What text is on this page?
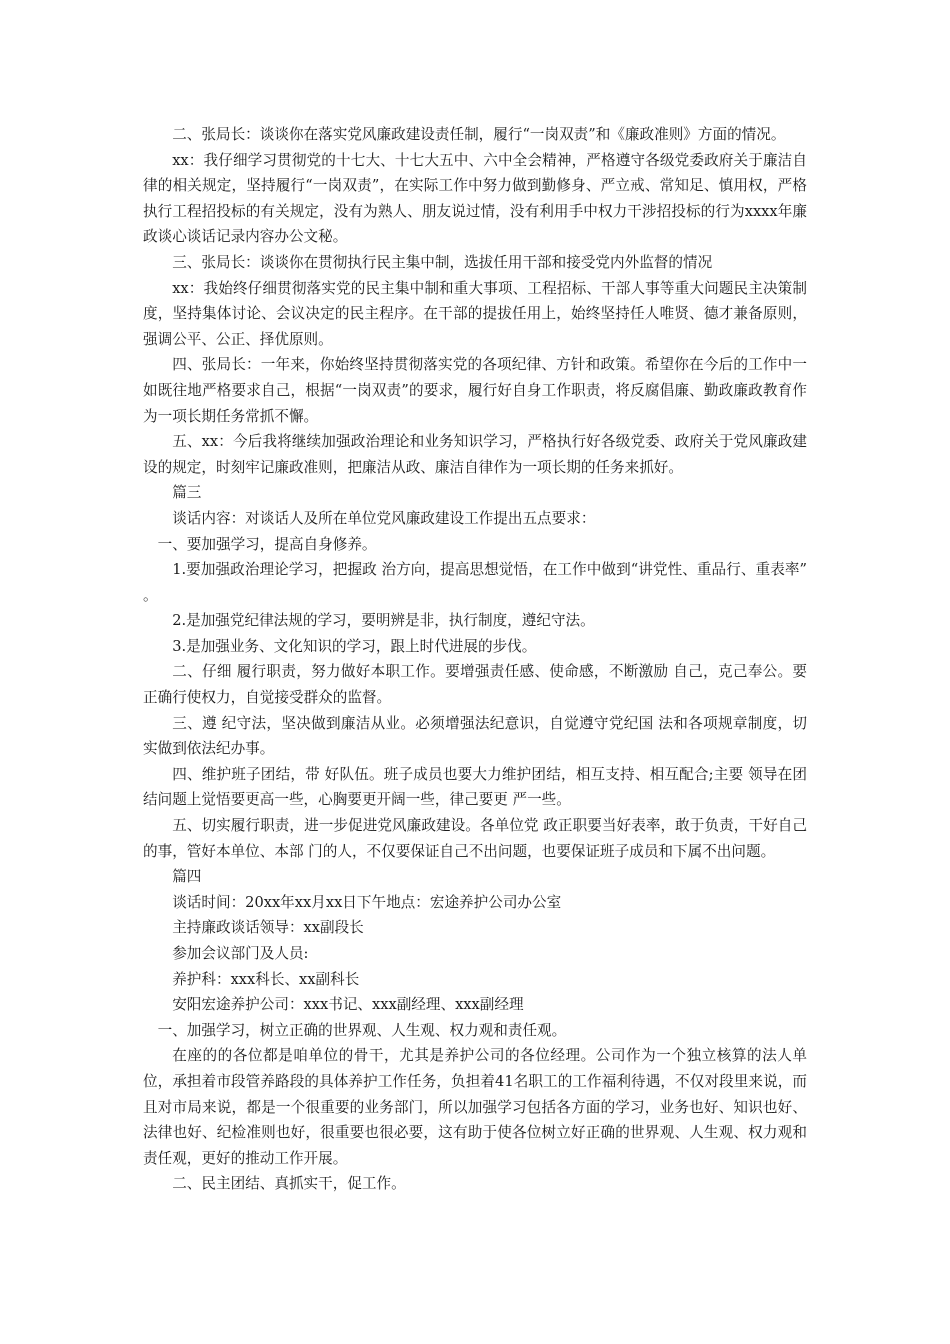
二、张局长：谈谈你在落实党风廉政建设责任制，履行“一岗双责”和《廉政准则》方面的情况。

xx：我仔细学习贯彻党的十七大、十七大五中、六中全会精神，严格遵守各级党委政府关于廉洁自律的相关规定，坚持履行“一岗双责”，在实际工作中努力做到勤修身、严立戒、常知足、慎用权，严格执行工程招投标的有关规定，没有为熟人、朋友说过情，没有利用手中权力干涉招投标的行为xxxx年廉政谈心谈话记录内容办公文秘。

三、张局长：谈谈你在贯彻执行民主集中制，选拔任用干部和接受党内外监督的情况

xx：我始终仔细贯彻落实党的民主集中制和重大事项、工程招标、干部人事等重大问题民主决策制度，坚持集体讨论、会议决定的民主程序。在干部的提拔任用上，始终坚持任人唯贤、德才兼备原则，强调公平、公正、择优原则。

四、张局长：一年来，你始终坚持贯彻落实党的各项纪律、方针和政策。希望你在今后的工作中一如既往地严格要求自己，根据“一岗双责”的要求，履行好自身工作职责，将反腐倡廉、勤政廉政教育作为一项长期任务常抓不懈。

五、xx：今后我将继续加强政治理论和业务知识学习，严格执行好各级党委、政府关于党风廉政建设的规定，时刻牢记廉政准则，把廉洁从政、廉洁自律作为一项长期的任务来抓好。

篇三

谈话内容：对谈话人及所在单位党风廉政建设工作提出五点要求：

一、要加强学习，提高自身修养。

1.要加强政治理论学习，把握政 治方向，提高思想觉悟，在工作中做到“讲党性、重品行、重表率” 。

2.是加强党纪律法规的学习，要明辨是非，执行制度，遵纪守法。

3.是加强业务、文化知识的学习，跟上时代进展的步伐。

二、仔细 履行职责，努力做好本职工作。要增强责任感、使命感，不断激励 自己，克己奉公。要正确行使权力，自觉接受群众的监督。

三、遵 纪守法，坚决做到廉洁从业。必须增强法纪意识，自觉遵守党纪国 法和各项规章制度，切实做到依法纪办事。

四、维护班子团结，带 好队伍。班子成员也要大力维护团结，相互支持、相互配合;主要 领导在团结问题上觉悟要更高一些，心胸要更开阔一些，律己要更 严一些。

五、切实履行职责，进一步促进党风廉政建设。各单位党 政正职要当好表率，敢于负责，干好自己的事，管好本单位、本部 门的人，不仅要保证自己不出问题，也要保证班子成员和下属不出问题。

篇四

谈话时间：20xx年xx月xx日下午地点：宏途养护公司办公室

主持廉政谈话领导：xx副段长

参加会议部门及人员:

养护科：xxx科长、xx副科长

安阳宏途养护公司：xxx书记、xxx副经理、xxx副经理

一、加强学习，树立正确的世界观、人生观、权力观和责任观。

在座的的各位都是咱单位的骨干，尤其是养护公司的各位经理。公司作为一个独立核算的法人单位，承担着市段管养路段的具体养护工作任务，负担着41名职工的工作福利待遇，不仅对段里来说，而且对市局来说，都是一个很重要的业务部门，所以加强学习包括各方面的学习，业务也好、知识也好、法律也好、纪检准则也好，很重要也很必要，这有助于使各位树立好正确的世界观、人生观、权力观和责任观，更好的推动工作开展。

二、民主团结、真抓实干，促工作。
